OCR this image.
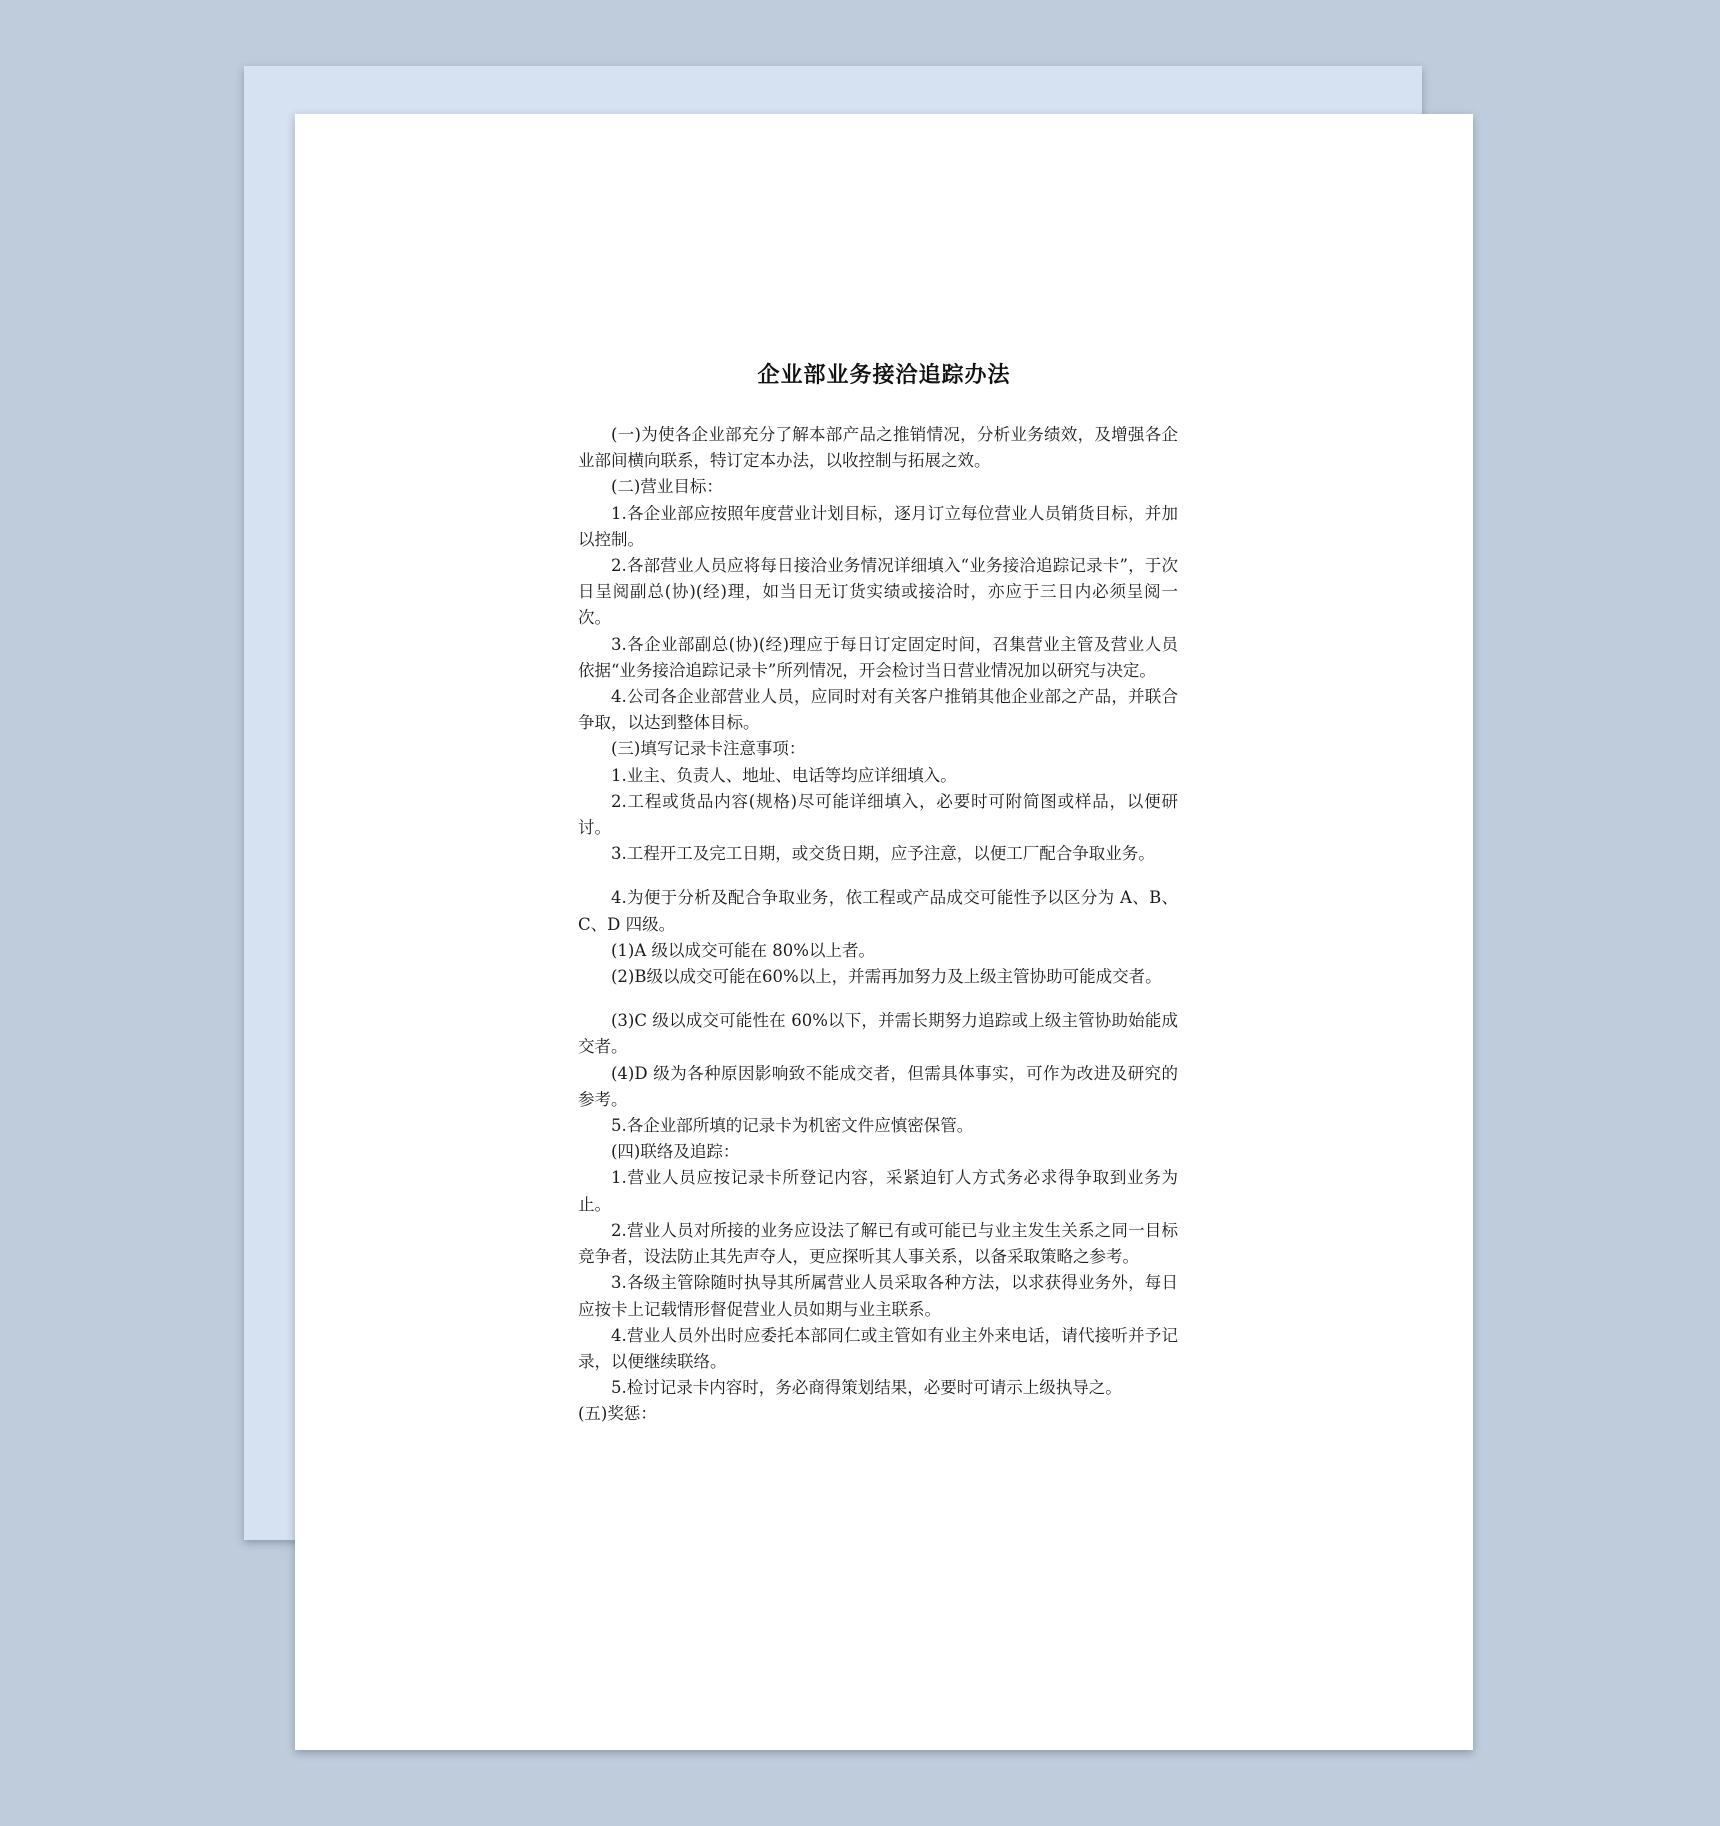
企业部业务接洽追踪办法

(一)为使各企业部充分了解本部产品之推销情况，分析业务绩效，及增强各企业部间横向联系，特订定本办法，以收控制与拓展之效。

(二)营业目标：

1.各企业部应按照年度营业计划目标，逐月订立每位营业人员销货目标，并加以控制。

2.各部营业人员应将每日接洽业务情况详细填入“业务接洽追踪记录卡”，于次日呈阅副总(协)(经)理，如当日无订货实绩或接洽时，亦应于三日内必须呈阅一次。

3.各企业部副总(协)(经)理应于每日订定固定时间，召集营业主管及营业人员依据“业务接洽追踪记录卡”所列情况，开会检讨当日营业情况加以研究与决定。

4.公司各企业部营业人员，应同时对有关客户推销其他企业部之产品，并联合争取，以达到整体目标。

(三)填写记录卡注意事项：

1.业主、负责人、地址、电话等均应详细填入。

2.工程或货品内容(规格)尽可能详细填入，必要时可附简图或样品，以便研讨。

3.工程开工及完工日期，或交货日期，应予注意，以便工厂配合争取业务。

4.为便于分析及配合争取业务，依工程或产品成交可能性予以区分为 A、B、C、D 四级。

(1)A 级以成交可能在 80%以上者。

(2)B级以成交可能在60%以上，并需再加努力及上级主管协助可能成交者。

(3)C 级以成交可能性在 60%以下，并需长期努力追踪或上级主管协助始能成交者。

(4)D 级为各种原因影响致不能成交者，但需具体事实，可作为改进及研究的参考。

5.各企业部所填的记录卡为机密文件应慎密保管。

(四)联络及追踪：

1.营业人员应按记录卡所登记内容，采紧迫钉人方式务必求得争取到业务为止。

2.营业人员对所接的业务应设法了解已有或可能已与业主发生关系之同一目标竞争者，设法防止其先声夺人，更应探听其人事关系，以备采取策略之参考。

3.各级主管除随时执导其所属营业人员采取各种方法，以求获得业务外，每日应按卡上记载情形督促营业人员如期与业主联系。

4.营业人员外出时应委托本部同仁或主管如有业主外来电话，请代接听并予记录，以便继续联络。

5.检讨记录卡内容时，务必商得策划结果，必要时可请示上级执导之。

(五)奖惩：
